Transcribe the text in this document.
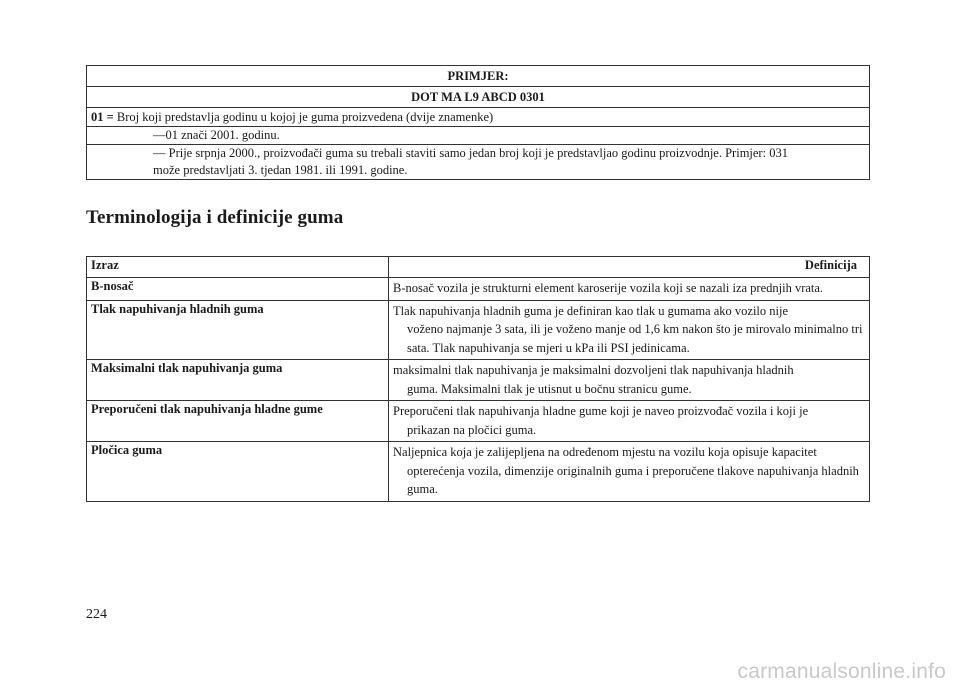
PRIMJER:
DOT MA L9 ABCD 0301
01 = Broj koji predstavlja godinu u kojoj je guma proizvedena (dvije znamenke)
—01 znači 2001. godinu.
— Prije srpnja 2000., proizvođači guma su trebali staviti samo jedan broj koji je predstavljao godinu proizvodnje. Primjer: 031
može predstavljati 3. tjedan 1981. ili 1991. godine.
Terminologija i definicije guma
Izraz	Definicija
B-nosač	B-nosač vozila je strukturni element karoserije vozila koji se nazali iza prednjih vrata.

Tlak napuhivanja hladnih guma	Tlak napuhivanja hladnih guma je definiran kao tlak u gumama ako vozilo nije
voženo najmanje 3 sata, ili je voženo manje od 1,6 km nakon što je mirovalo minimalno tri sata. Tlak napuhivanja se mjeri u kPa ili PSI jedinicama.

Maksimalni tlak napuhivanja guma	maksimalni tlak napuhivanja je maksimalni dozvoljeni tlak napuhivanja hladnih
guma. Maksimalni tlak je utisnut u bočnu stranicu gume.

Preporučeni tlak napuhivanja hladne gume	Preporučeni tlak napuhivanja hladne gume koji je naveo proizvođač vozila i koji je
prikazan na pločici guma.

Pločica guma	Naljepnica koja je zalijepljena na određenom mjestu na vozilu koja opisuje kapacitet
opterećenja vozila, dimenzije originalnih guma i preporučene tlakove napuhivanja hladnih guma.
224
carmanualsonline.info
